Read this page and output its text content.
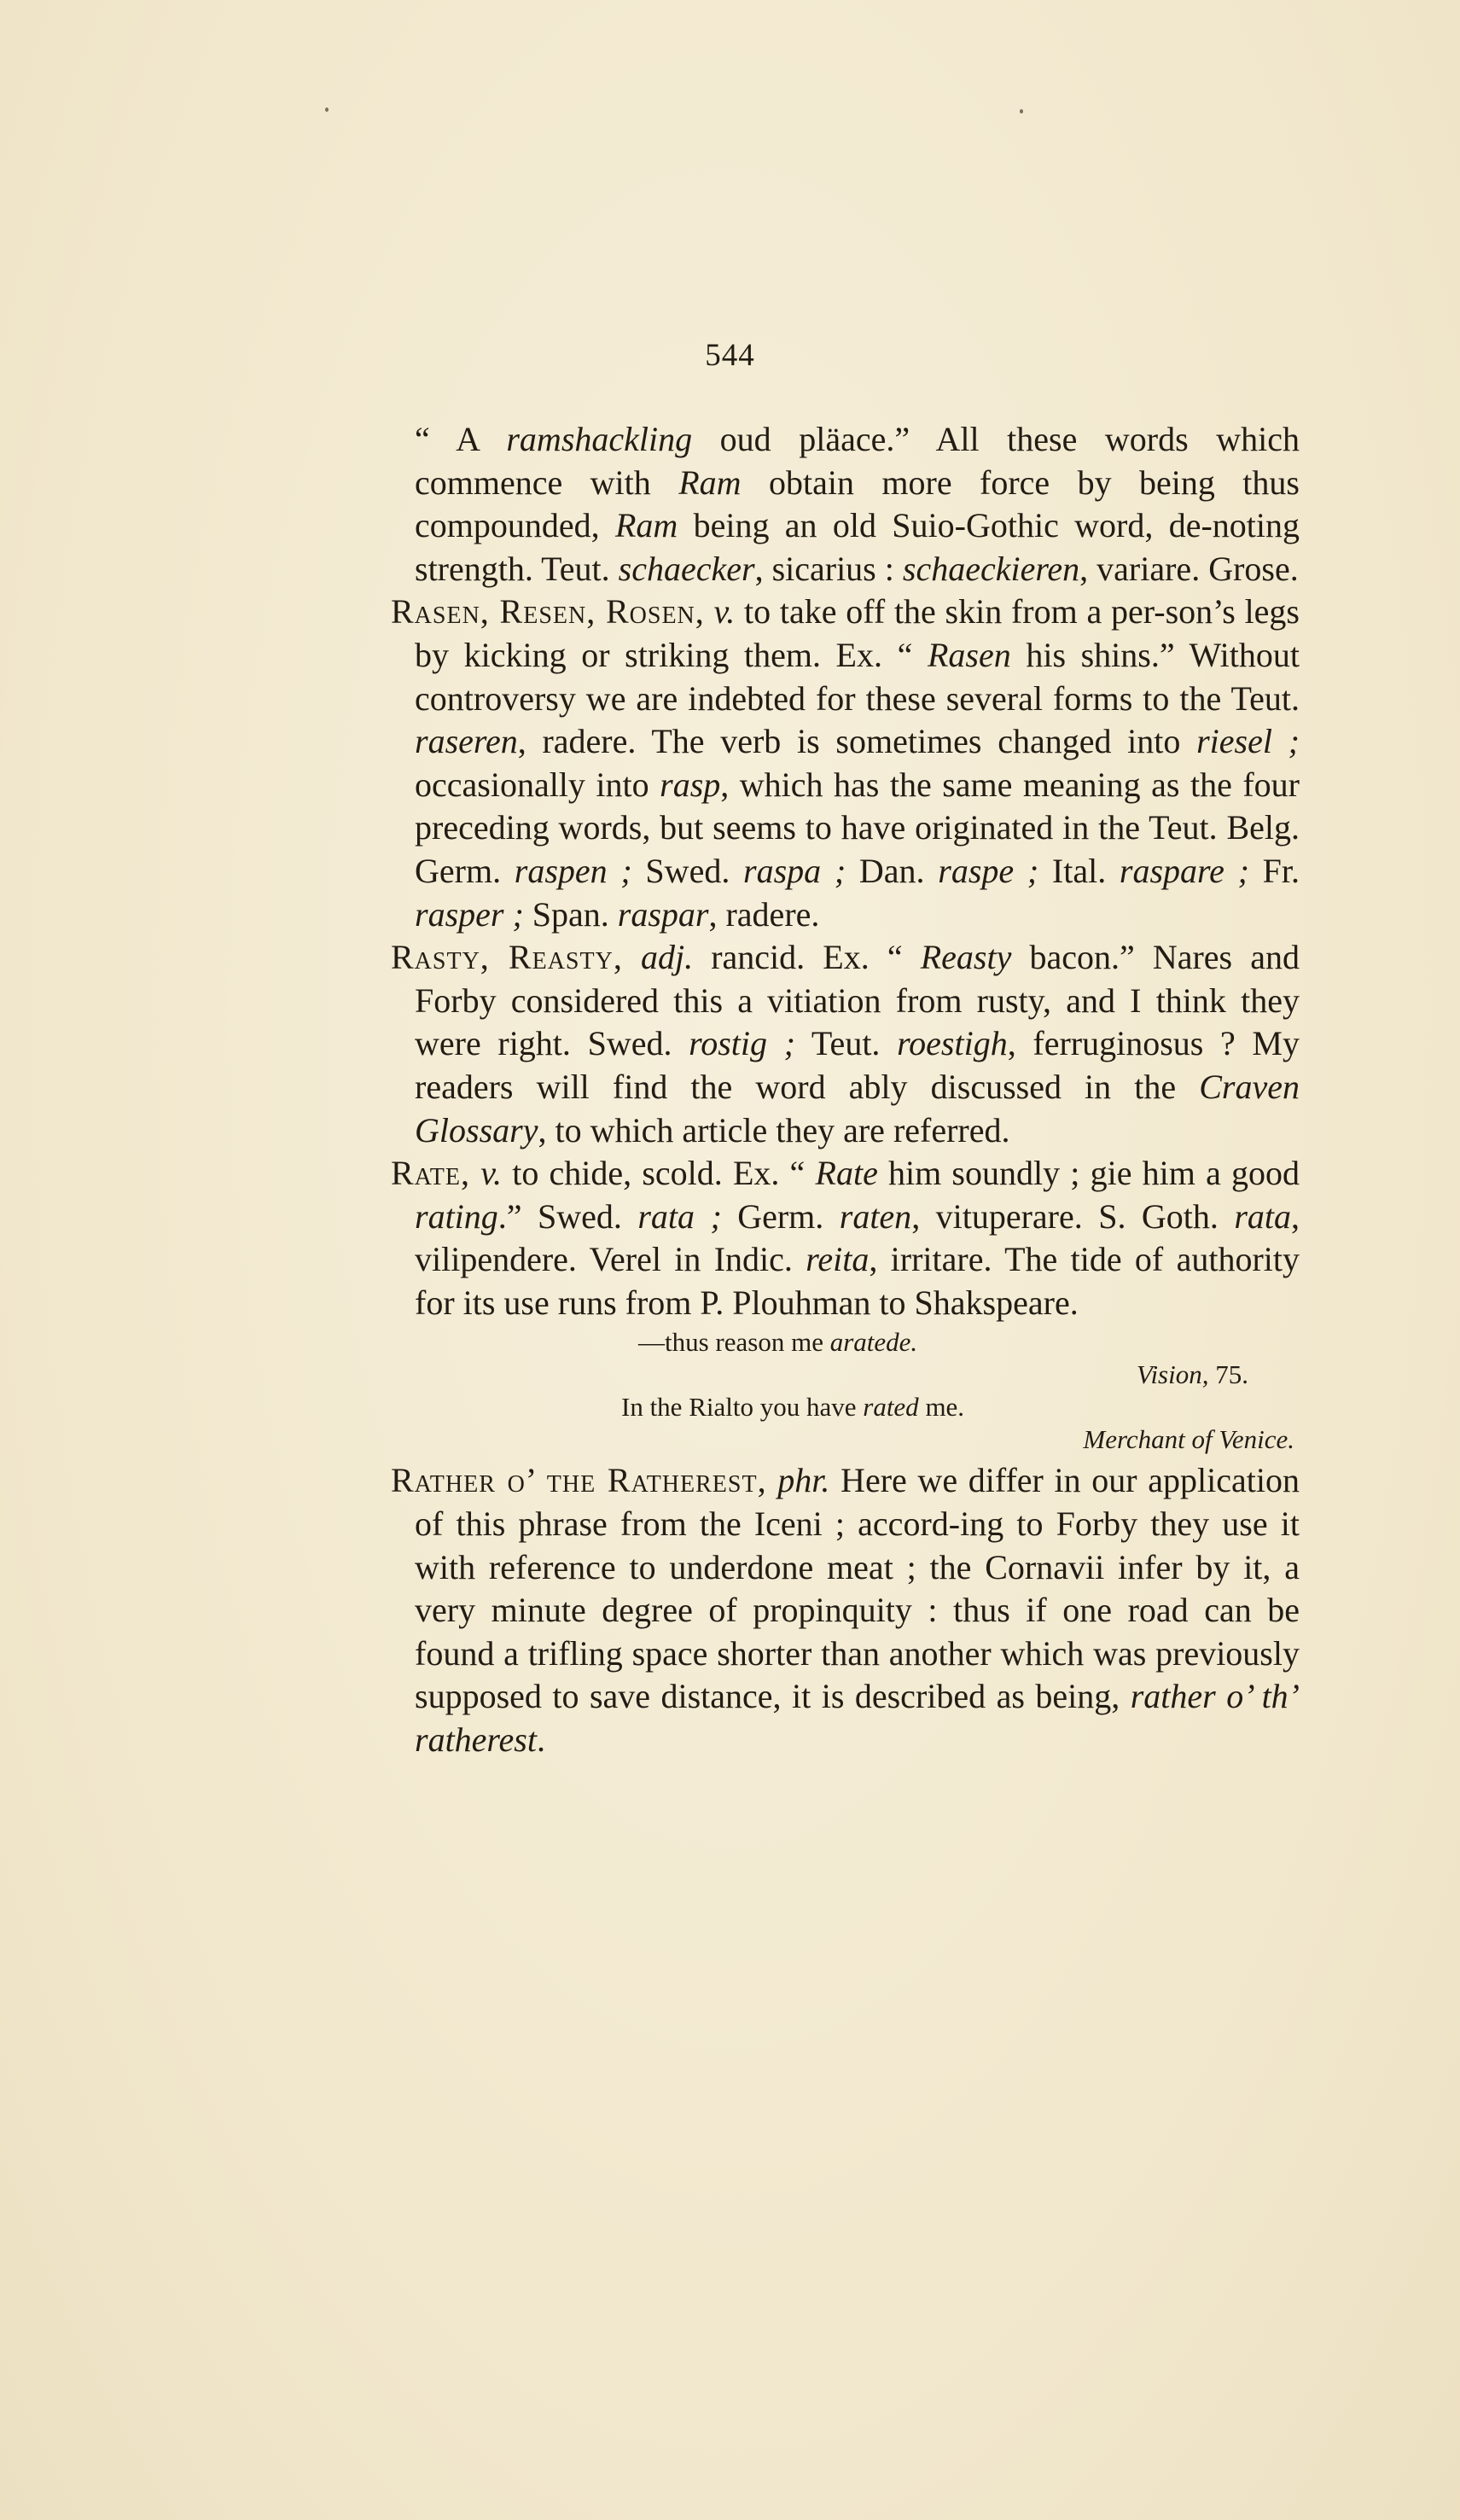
544

“ A ramshackling oud pläace.” All these words which commence with Ram obtain more force by being thus compounded, Ram being an old Suio-Gothic word, de-noting strength. Teut. schaecker, sicarius : schaeckieren, variare. Grose.

Rasen, Resen, Rosen, v. to take off the skin from a per-son’s legs by kicking or striking them. Ex. “ Rasen his shins.” Without controversy we are indebted for these several forms to the Teut. raseren, radere. The verb is sometimes changed into riesel ; occasionally into rasp, which has the same meaning as the four preceding words, but seems to have originated in the Teut. Belg. Germ. raspen ; Swed. raspa ; Dan. raspe ; Ital. raspare ; Fr. rasper ; Span. raspar, radere.

Rasty, Reasty, adj. rancid. Ex. “ Reasty bacon.” Nares and Forby considered this a vitiation from rusty, and I think they were right. Swed. rostig ; Teut. roestigh, ferruginosus ? My readers will find the word ably discussed in the Craven Glossary, to which article they are referred.

Rate, v. to chide, scold. Ex. “ Rate him soundly ; gie him a good rating.” Swed. rata ; Germ. raten, vituperare. S. Goth. rata, vilipendere. Verel in Indic. reita, irritare. The tide of authority for its use runs from P. Plouhman to Shakspeare.

—thus reason me aratede.
Vision, 75.
In the Rialto you have rated me.
Merchant of Venice.

Rather o’ the Ratherest, phr. Here we differ in our application of this phrase from the Iceni ; accord-ing to Forby they use it with reference to underdone meat ; the Cornavii infer by it, a very minute degree of propinquity : thus if one road can be found a trifling space shorter than another which was previously supposed to save distance, it is described as being, rather o’ th’ ratherest.
